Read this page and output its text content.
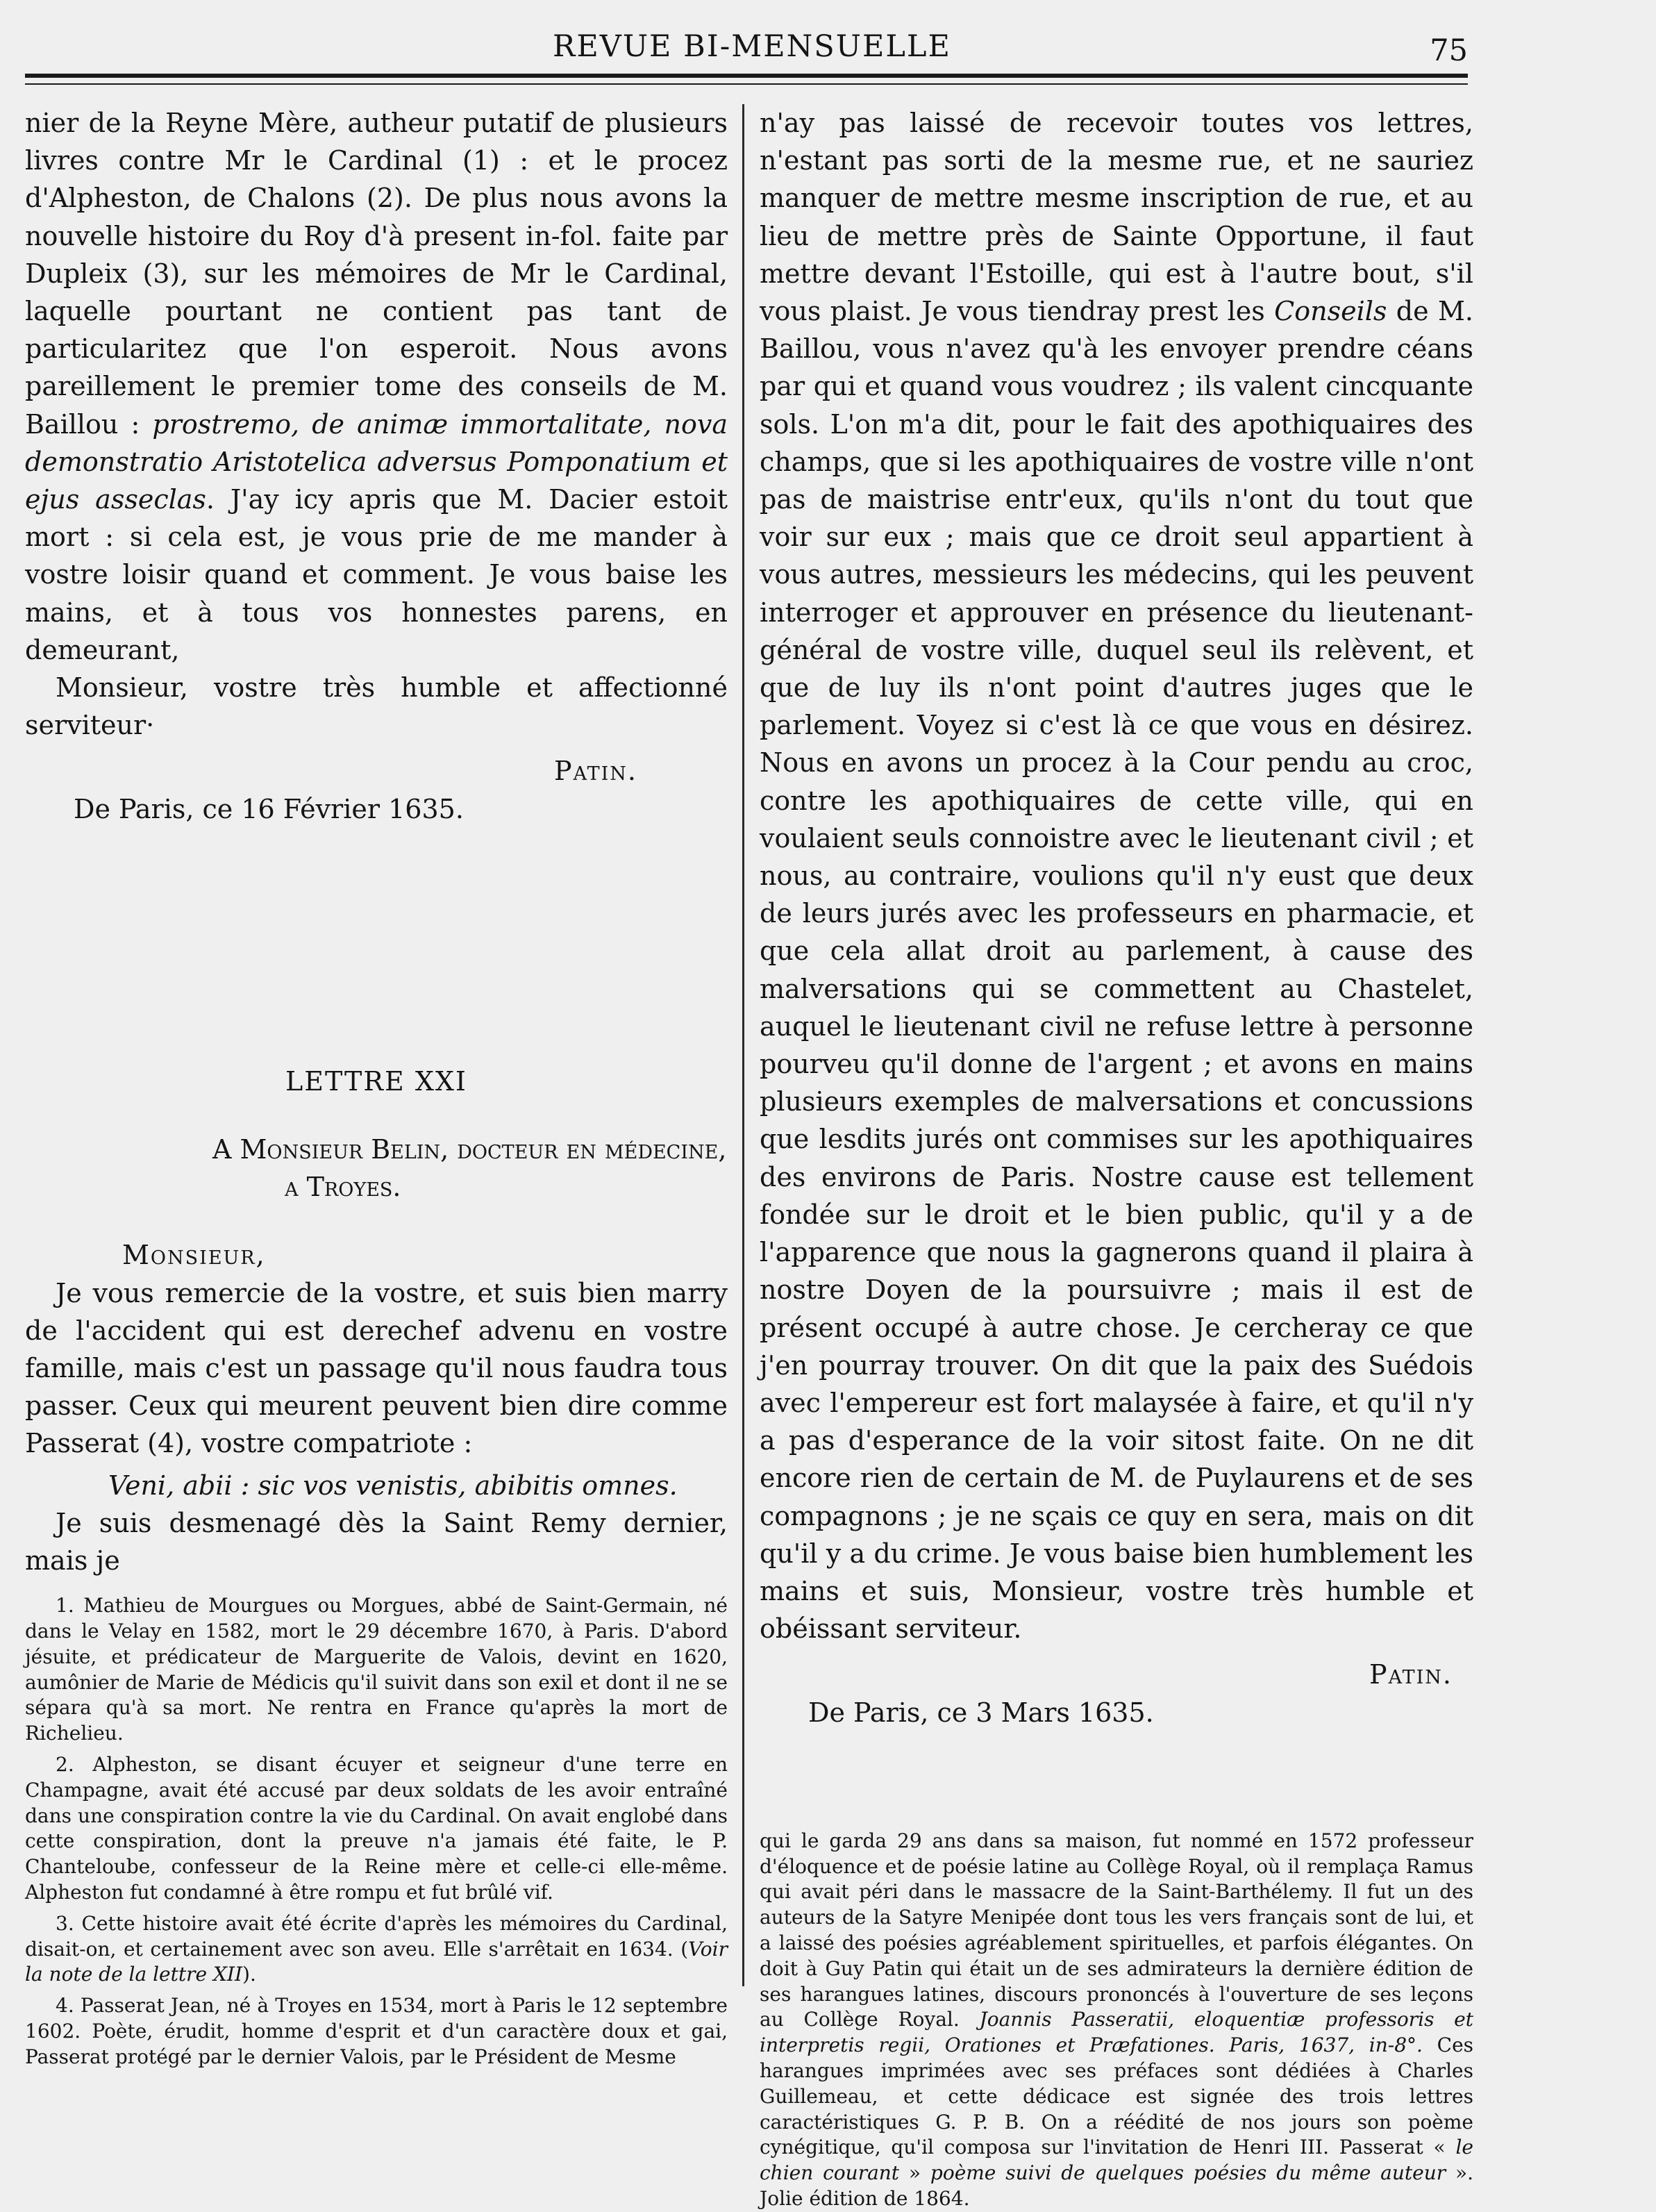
REVUE BI-MENSUELLE	75

nier de la Reyne Mère, autheur putatif de plusieurs livres contre Mr le Cardinal (1) : et le procez d'Alpheston, de Chalons (2). De plus nous avons la nouvelle histoire du Roy d'à present in-fol. faite par Dupleix (3), sur les mémoires de Mr le Cardinal, laquelle pourtant ne contient pas tant de particularitez que l'on esperoit. Nous avons pareillement le premier tome des conseils de M. Baillou : prostremo, de animæ immortalitate, nova demonstratio Aristotelica adversus Pomponatium et ejus asseclas. J'ay icy apris que M. Dacier estoit mort : si cela est, je vous prie de me mander à vostre loisir quand et comment. Je vous baise les mains, et à tous vos honnestes parens, en demeurant,

Monsieur, vostre très humble et affectionné serviteur·

Patin.

De Paris, ce 16 Février 1635.

LETTRE XXI

A Monsieur Belin, docteur en médecine,

a Troyes.

Monsieur,

Je vous remercie de la vostre, et suis bien marry de l'accident qui est derechef advenu en vostre famille, mais c'est un passage qu'il nous faudra tous passer. Ceux qui meurent peuvent bien dire comme Passerat (4), vostre compatriote :

Veni, abii : sic vos venistis, abibitis omnes.

Je suis desmenagé dès la Saint Remy dernier, mais je

1. Mathieu de Mourgues ou Morgues, abbé de Saint-Germain, né dans le Velay en 1582, mort le 29 décembre 1670, à Paris. D'abord jésuite, et prédicateur de Marguerite de Valois, devint en 1620, aumônier de Marie de Médicis qu'il suivit dans son exil et dont il ne se sépara qu'à sa mort. Ne rentra en France qu'après la mort de Richelieu.

2. Alpheston, se disant écuyer et seigneur d'une terre en Champagne, avait été accusé par deux soldats de les avoir entraîné dans une conspiration contre la vie du Cardinal. On avait englobé dans cette conspiration, dont la preuve n'a jamais été faite, le P. Chanteloube, confesseur de la Reine mère et celle-ci elle-même. Alpheston fut condamné à être rompu et fut brûlé vif.

3. Cette histoire avait été écrite d'après les mémoires du Cardinal, disait-on, et certainement avec son aveu. Elle s'arrêtait en 1634. (Voir la note de la lettre XII).

4. Passerat Jean, né à Troyes en 1534, mort à Paris le 12 septembre 1602. Poète, érudit, homme d'esprit et d'un caractère doux et gai, Passerat protégé par le dernier Valois, par le Président de Mesme

n'ay pas laissé de recevoir toutes vos lettres, n'estant pas sorti de la mesme rue, et ne sauriez manquer de mettre mesme inscription de rue, et au lieu de mettre près de Sainte Opportune, il faut mettre devant l'Estoille, qui est à l'autre bout, s'il vous plaist. Je vous tiendray prest les Conseils de M. Baillou, vous n'avez qu'à les envoyer prendre céans par qui et quand vous voudrez ; ils valent cincquante sols. L'on m'a dit, pour le fait des apothiquaires des champs, que si les apothiquaires de vostre ville n'ont pas de maistrise entr'eux, qu'ils n'ont du tout que voir sur eux ; mais que ce droit seul appartient à vous autres, messieurs les médecins, qui les peuvent interroger et approuver en présence du lieutenant-général de vostre ville, duquel seul ils relèvent, et que de luy ils n'ont point d'autres juges que le parlement. Voyez si c'est là ce que vous en désirez. Nous en avons un procez à la Cour pendu au croc, contre les apothiquaires de cette ville, qui en voulaient seuls connoistre avec le lieutenant civil ; et nous, au contraire, voulions qu'il n'y eust que deux de leurs jurés avec les professeurs en pharmacie, et que cela allat droit au parlement, à cause des malversations qui se commettent au Chastelet, auquel le lieutenant civil ne refuse lettre à personne pourveu qu'il donne de l'argent ; et avons en mains plusieurs exemples de malversations et concussions que lesdits jurés ont commises sur les apothiquaires des environs de Paris. Nostre cause est tellement fondée sur le droit et le bien public, qu'il y a de l'apparence que nous la gagnerons quand il plaira à nostre Doyen de la poursuivre ; mais il est de présent occupé à autre chose. Je cercheray ce que j'en pourray trouver. On dit que la paix des Suédois avec l'empereur est fort malaysée à faire, et qu'il n'y a pas d'esperance de la voir sitost faite. On ne dit encore rien de certain de M. de Puylaurens et de ses compagnons ; je ne sçais ce quy en sera, mais on dit qu'il y a du crime. Je vous baise bien humblement les mains et suis, Monsieur, vostre très humble et obéissant serviteur.

Patin.

De Paris, ce 3 Mars 1635.

qui le garda 29 ans dans sa maison, fut nommé en 1572 professeur d'éloquence et de poésie latine au Collège Royal, où il remplaça Ramus qui avait péri dans le massacre de la Saint-Barthélemy. Il fut un des auteurs de la Satyre Menipée dont tous les vers français sont de lui, et a laissé des poésies agréablement spirituelles, et parfois élégantes. On doit à Guy Patin qui était un de ses admirateurs la dernière édition de ses harangues latines, discours prononcés à l'ouverture de ses leçons au Collège Royal. Joannis Passeratii, eloquentiæ professoris et interpretis regii, Orationes et Præfationes. Paris, 1637, in-8°. Ces harangues imprimées avec ses préfaces sont dédiées à Charles Guillemeau, et cette dédicace est signée des trois lettres caractéristiques G. P. B. On a réédité de nos jours son poème cynégitique, qu'il composa sur l'invitation de Henri III. Passerat « le chien courant » poème suivi de quelques poésies du même auteur ». Jolie édition de 1864.
